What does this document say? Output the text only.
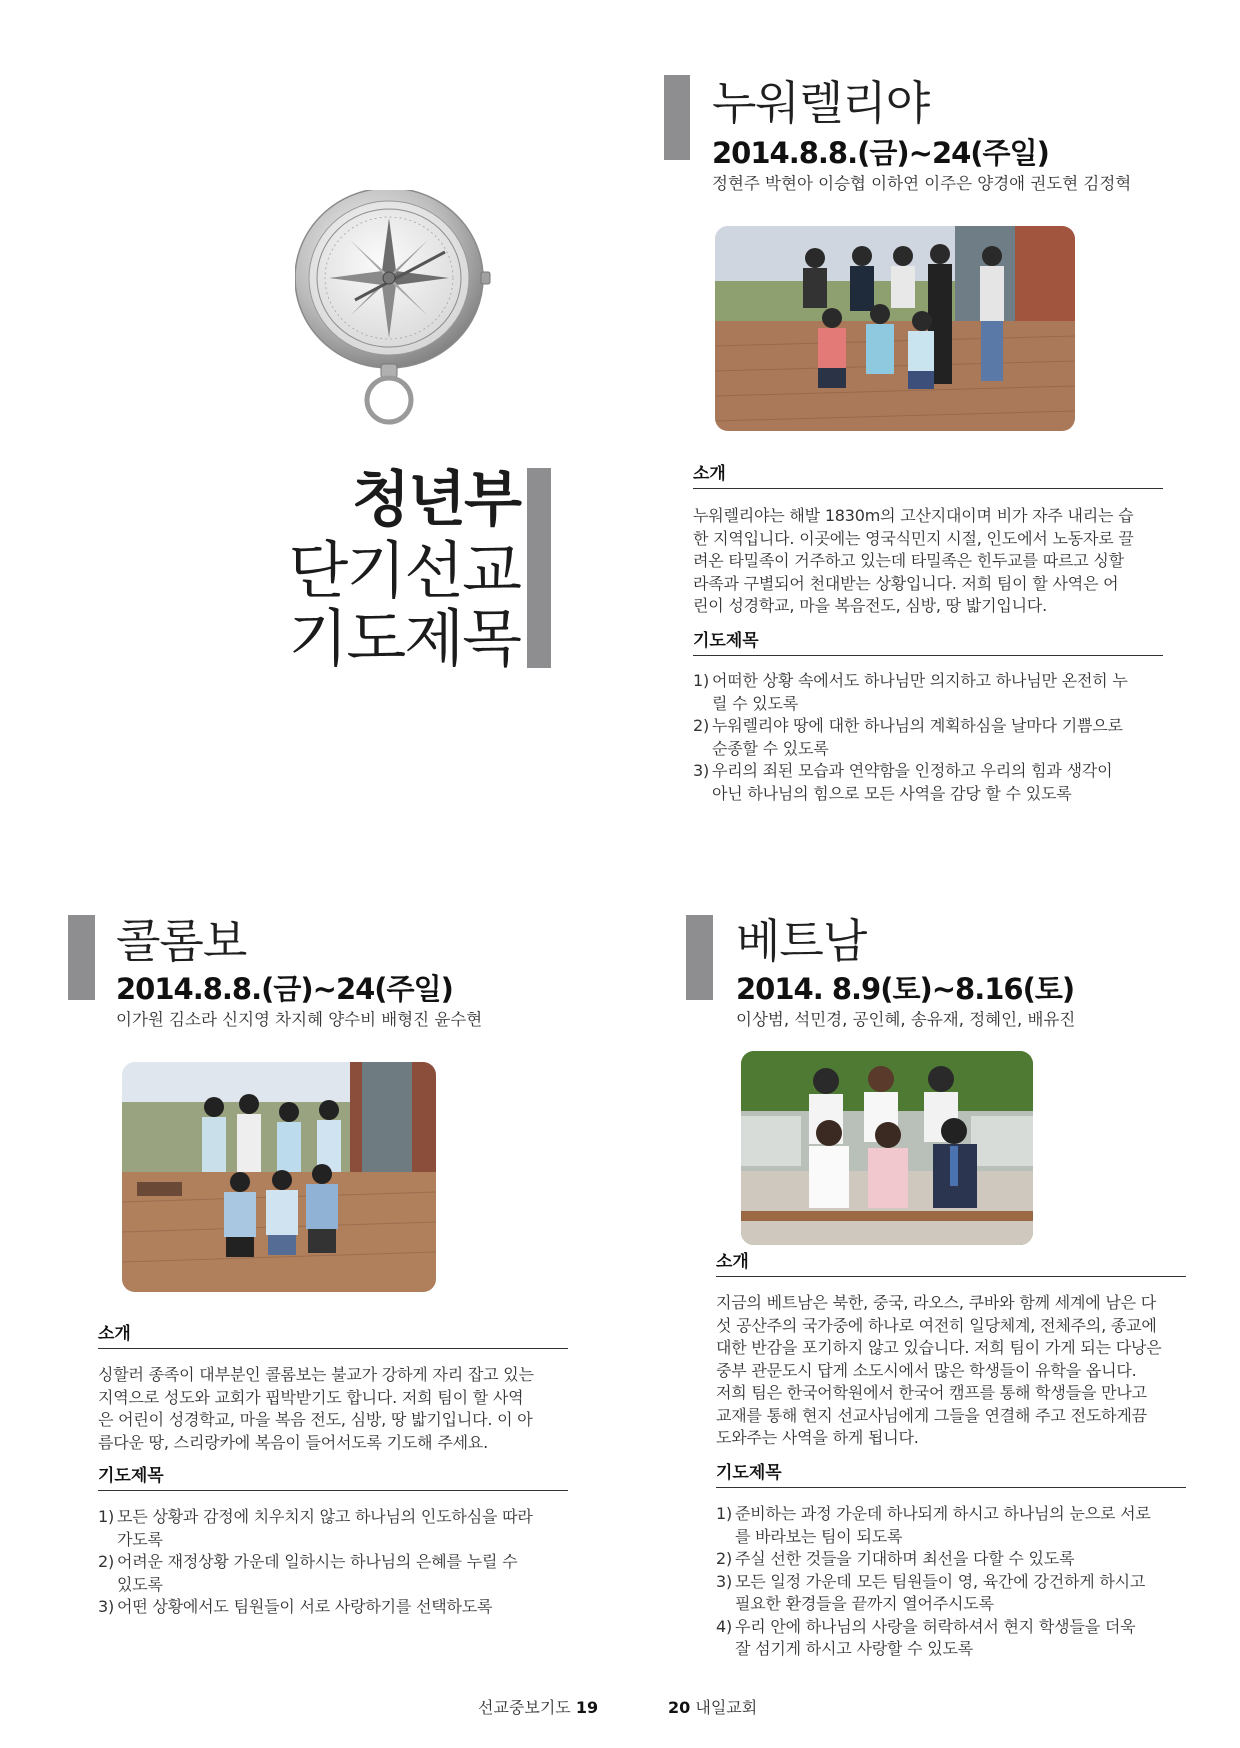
청년부
단기선교
기도제목
누워렐리야
2014.8.8.(금)~24(주일)
정현주 박현아 이승협 이하연 이주은 양경애 권도현 김정혁
소개

누워렐리야는 해발 1830m의 고산지대이며 비가 자주 내리는 습
한 지역입니다. 이곳에는 영국식민지 시절, 인도에서 노동자로 끌
려온 타밀족이 거주하고 있는데 타밀족은 힌두교를 따르고 싱할
라족과 구별되어 천대받는 상황입니다. 저희 팀이 할 사역은 어
린이 성경학교, 마을 복음전도, 심방, 땅 밟기입니다.

기도제목
1) 어떠한 상황 속에서도 하나님만 의지하고 하나님만 온전히 누
릴 수 있도록
2) 누워렐리야 땅에 대한 하나님의 계획하심을 날마다 기쁨으로
순종할 수 있도록
3) 우리의 죄된 모습과 연약함을 인정하고 우리의 힘과 생각이
아닌 하나님의 힘으로 모든 사역을 감당 할 수 있도록
콜롬보
2014.8.8.(금)~24(주일)
이가원 김소라 신지영 차지혜 양수비 배형진 윤수현
소개

싱할러 종족이 대부분인 콜롬보는 불교가 강하게 자리 잡고 있는
지역으로 성도와 교회가 핍박받기도 합니다. 저희 팀이 할 사역
은 어린이 성경학교, 마을 복음 전도, 심방, 땅 밟기입니다. 이 아
름다운 땅, 스리랑카에 복음이 들어서도록 기도해 주세요.

기도제목
1) 모든 상황과 감정에 치우치지 않고 하나님의 인도하심을 따라
가도록
2) 어려운 재정상황 가운데 일하시는 하나님의 은혜를 누릴 수
있도록
3) 어떤 상황에서도 팀원들이 서로 사랑하기를 선택하도록
베트남
2014. 8.9(토)~8.16(토)
이상범, 석민경, 공인혜, 송유재, 정혜인, 배유진
소개

지금의 베트남은 북한, 중국, 라오스, 쿠바와 함께 세계에 남은 다
섯 공산주의 국가중에 하나로 여전히 일당체계, 전체주의, 종교에
대한 반감을 포기하지 않고 있습니다. 저희 팀이 가게 되는 다낭은
중부 관문도시 답게 소도시에서 많은 학생들이 유학을 옵니다.
저희 팀은 한국어학원에서 한국어 캠프를 통해 학생들을 만나고
교재를 통해 현지 선교사님에게 그들을 연결해 주고 전도하게끔
도와주는 사역을 하게 됩니다.

기도제목
1) 준비하는 과정 가운데 하나되게 하시고 하나님의 눈으로 서로
를 바라보는 팀이 되도록
2) 주실 선한 것들을 기대하며 최선을 다할 수 있도록
3) 모든 일정 가운데 모든 팀원들이 영, 육간에 강건하게 하시고
필요한 환경들을 끝까지 열어주시도록
4) 우리 안에 하나님의 사랑을 허락하셔서 현지 학생들을 더욱
잘 섬기게 하시고 사랑할 수 있도록
선교중보기도 19	20 내일교회
